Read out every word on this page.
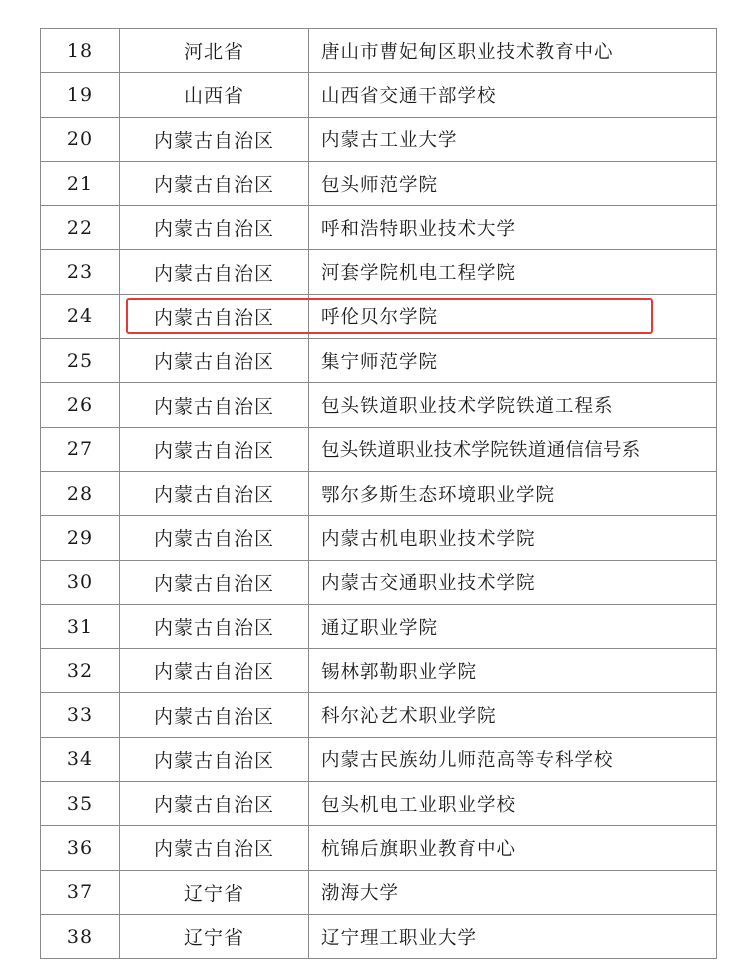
18	河北省	唐山市曹妃甸区职业技术教育中心
19	山西省	山西省交通干部学校
20	内蒙古自治区	内蒙古工业大学
21	内蒙古自治区	包头师范学院
22	内蒙古自治区	呼和浩特职业技术大学
23	内蒙古自治区	河套学院机电工程学院
24	内蒙古自治区	呼伦贝尔学院
25	内蒙古自治区	集宁师范学院
26	内蒙古自治区	包头铁道职业技术学院铁道工程系
27	内蒙古自治区	包头铁道职业技术学院铁道通信信号系
28	内蒙古自治区	鄂尔多斯生态环境职业学院
29	内蒙古自治区	内蒙古机电职业技术学院
30	内蒙古自治区	内蒙古交通职业技术学院
31	内蒙古自治区	通辽职业学院
32	内蒙古自治区	锡林郭勒职业学院
33	内蒙古自治区	科尔沁艺术职业学院
34	内蒙古自治区	内蒙古民族幼儿师范高等专科学校
35	内蒙古自治区	包头机电工业职业学校
36	内蒙古自治区	杭锦后旗职业教育中心
37	辽宁省	渤海大学
38	辽宁省	辽宁理工职业大学
